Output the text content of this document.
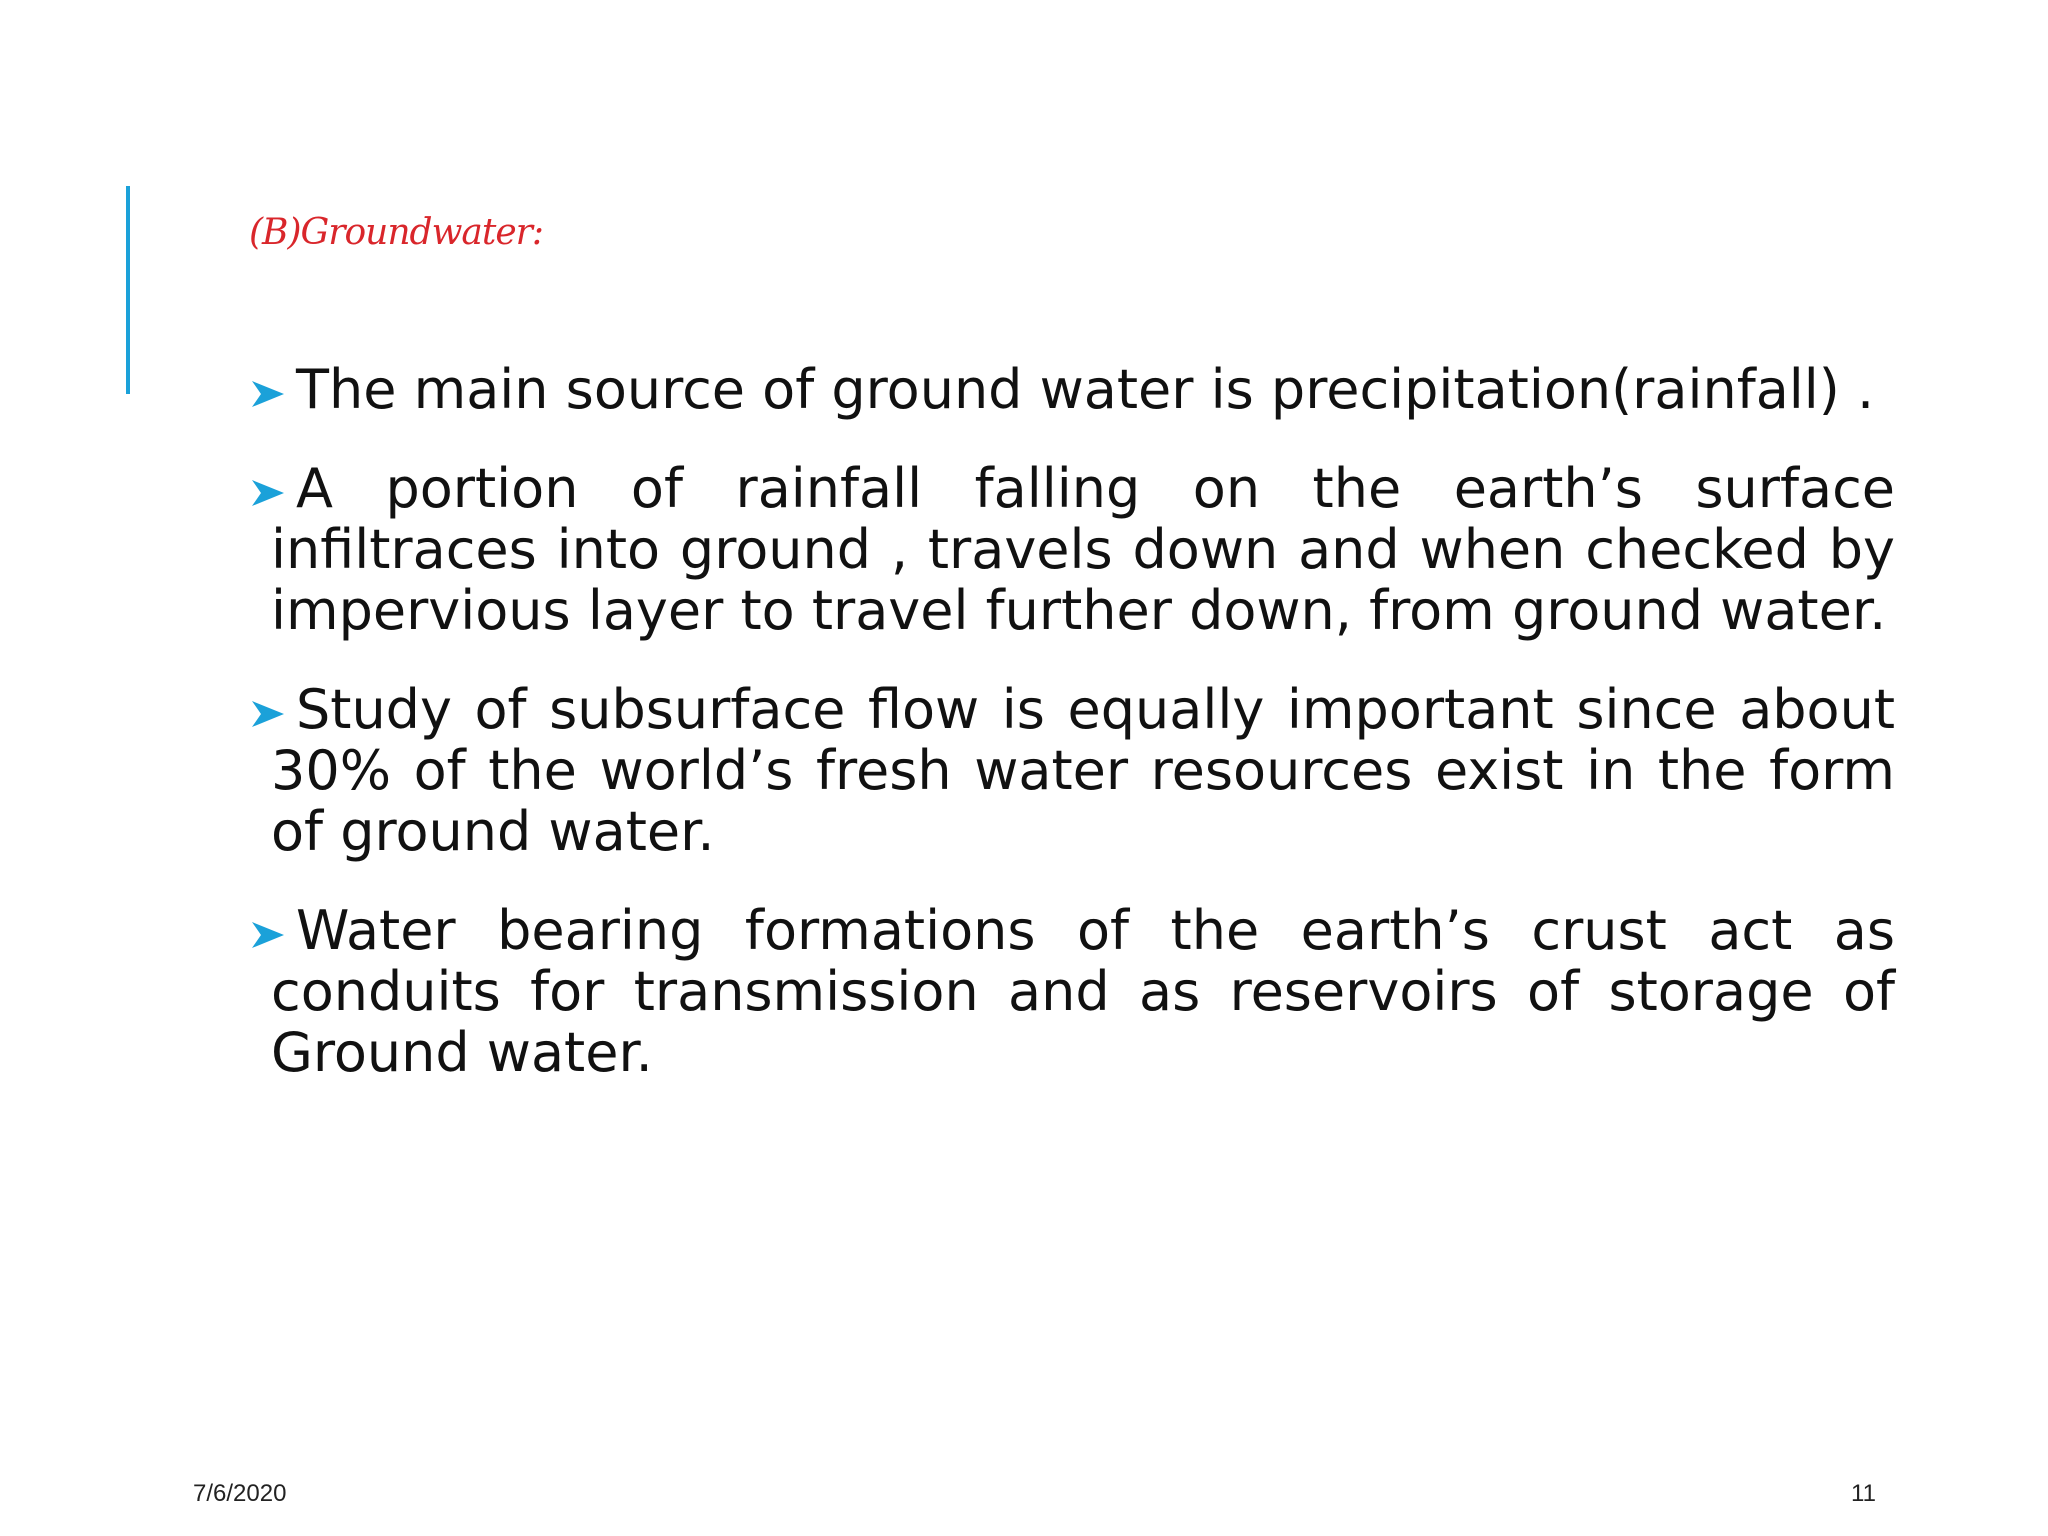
(B)Groundwater:
The main source of ground water is precipitation(rainfall) .
A portion of rainfall falling on the earth’s surface infiltraces into ground , travels down and when checked by impervious layer to travel further down, from ground water.
Study of subsurface flow is equally important since about 30% of the world’s fresh water resources exist in the form of ground water.
Water bearing formations of the earth’s crust act as conduits for transmission and as reservoirs of storage of Ground water.
7/6/2020	11
